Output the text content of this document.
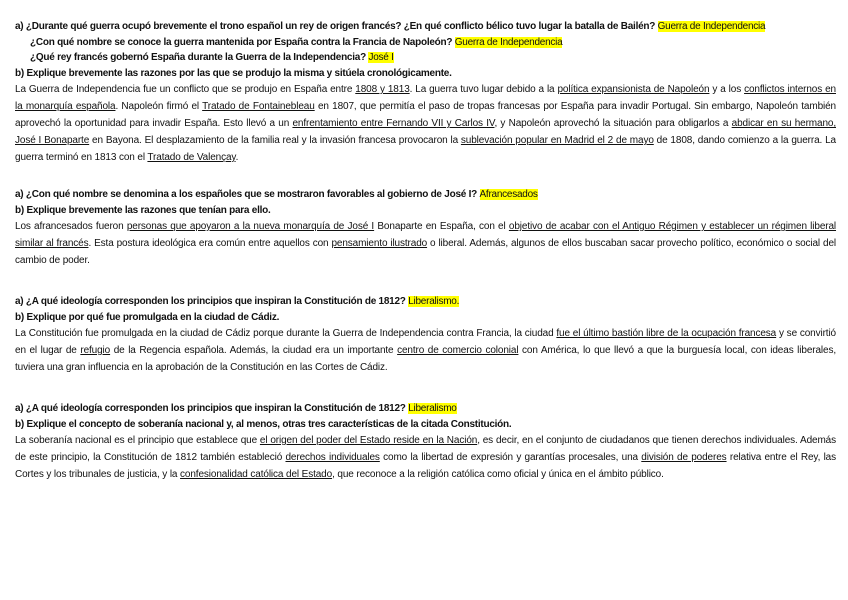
a) ¿Durante qué guerra ocupó brevemente el trono español un rey de origen francés? ¿En qué conflicto bélico tuvo lugar la batalla de Bailén? Guerra de Independencia
¿Con qué nombre se conoce la guerra mantenida por España contra la Francia de Napoleón? Guerra de Independencia
¿Qué rey francés gobernó España durante la Guerra de la Independencia? José I
b) Explique brevemente las razones por las que se produjo la misma y sitúela cronológicamente.
La Guerra de Independencia fue un conflicto que se produjo en España entre 1808 y 1813. La guerra tuvo lugar debido a la política expansionista de Napoleón y a los conflictos internos en la monarquía española. Napoleón firmó el Tratado de Fontainebleau en 1807, que permitía el paso de tropas francesas por España para invadir Portugal. Sin embargo, Napoleón también aprovechó la oportunidad para invadir España. Esto llevó a un enfrentamiento entre Fernando VII y Carlos IV, y Napoleón aprovechó la situación para obligarlos a abdicar en su hermano, José I Bonaparte en Bayona. El desplazamiento de la familia real y la invasión francesa provocaron la sublevación popular en Madrid el 2 de mayo de 1808, dando comienzo a la guerra. La guerra terminó en 1813 con el Tratado de Valençay.
a) ¿Con qué nombre se denomina a los españoles que se mostraron favorables al gobierno de José I? Afrancesados
b) Explique brevemente las razones que tenían para ello.
Los afrancesados fueron personas que apoyaron a la nueva monarquía de José I Bonaparte en España, con el objetivo de acabar con el Antiguo Régimen y establecer un régimen liberal similar al francés. Esta postura ideológica era común entre aquellos con pensamiento ilustrado o liberal. Además, algunos de ellos buscaban sacar provecho político, económico o social del cambio de poder.
a) ¿A qué ideología corresponden los principios que inspiran la Constitución de 1812? Liberalismo.
b) Explique por qué fue promulgada en la ciudad de Cádiz.
La Constitución fue promulgada en la ciudad de Cádiz porque durante la Guerra de Independencia contra Francia, la ciudad fue el último bastión libre de la ocupación francesa y se convirtió en el lugar de refugio de la Regencia española. Además, la ciudad era un importante centro de comercio colonial con América, lo que llevó a que la burguesía local, con ideas liberales, tuviera una gran influencia en la aprobación de la Constitución en las Cortes de Cádiz.
a) ¿A qué ideología corresponden los principios que inspiran la Constitución de 1812? Liberalismo
b) Explique el concepto de soberanía nacional y, al menos, otras tres características de la citada Constitución.
La soberanía nacional es el principio que establece que el origen del poder del Estado reside en la Nación, es decir, en el conjunto de ciudadanos que tienen derechos individuales. Además de este principio, la Constitución de 1812 también estableció derechos individuales como la libertad de expresión y garantías procesales, una división de poderes relativa entre el Rey, las Cortes y los tribunales de justicia, y la confesionalidad católica del Estado, que reconoce a la religión católica como oficial y única en el ámbito público.
